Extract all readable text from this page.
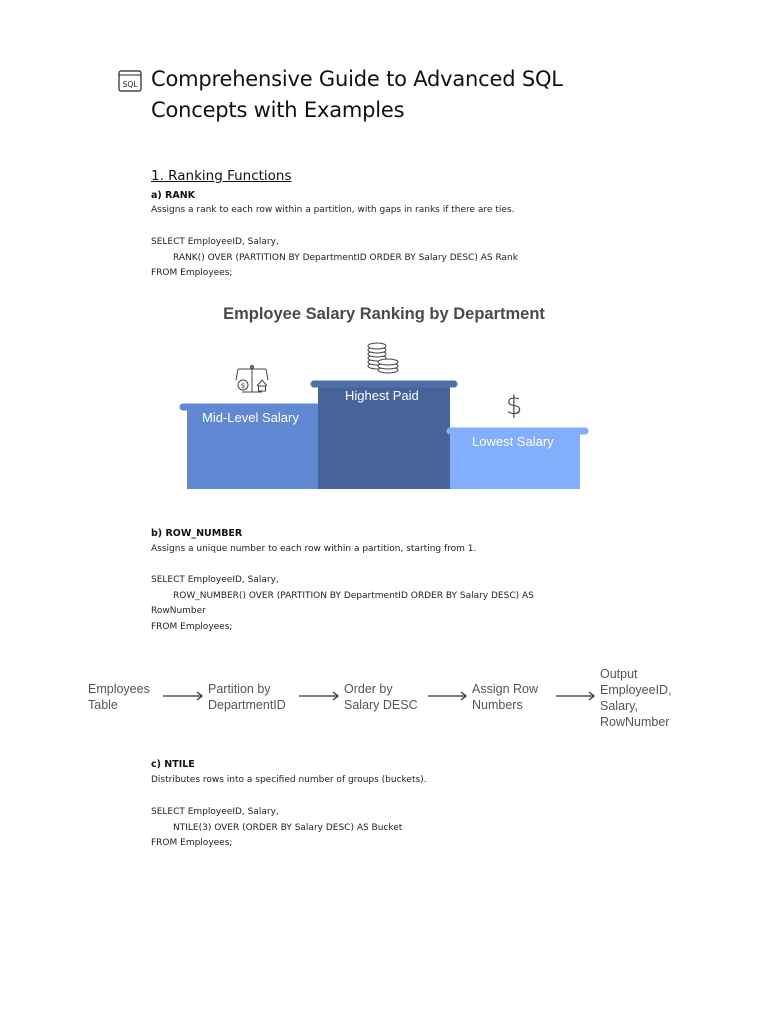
SQL Comprehensive Guide to Advanced SQL
Concepts with Examples
1. Ranking Functions
a) RANK
Assigns a rank to each row within a partition, with gaps in ranks if there are ties.
SELECT EmployeeID, Salary,
RANK() OVER (PARTITION BY DepartmentID ORDER BY Salary DESC) AS Rank
FROM Employees;
Employee Salary Ranking by Department
$
$
Mid-Level Salary
Highest Paid
Lowest Salary
b) ROW_NUMBER
Assigns a unique number to each row within a partition, starting from 1.
SELECT EmployeeID, Salary,
ROW_NUMBER() OVER (PARTITION BY DepartmentID ORDER BY Salary DESC) AS RowNumber
FROM Employees;
Employees
Table
Partition by
DepartmentID
Order by
Salary DESC
Assign Row
Numbers
Output
EmployeeID,
Salary,
RowNumber
c) NTILE
Distributes rows into a specified number of groups (buckets).
SELECT EmployeeID, Salary,
NTILE(3) OVER (ORDER BY Salary DESC) AS Bucket
FROM Employees;
